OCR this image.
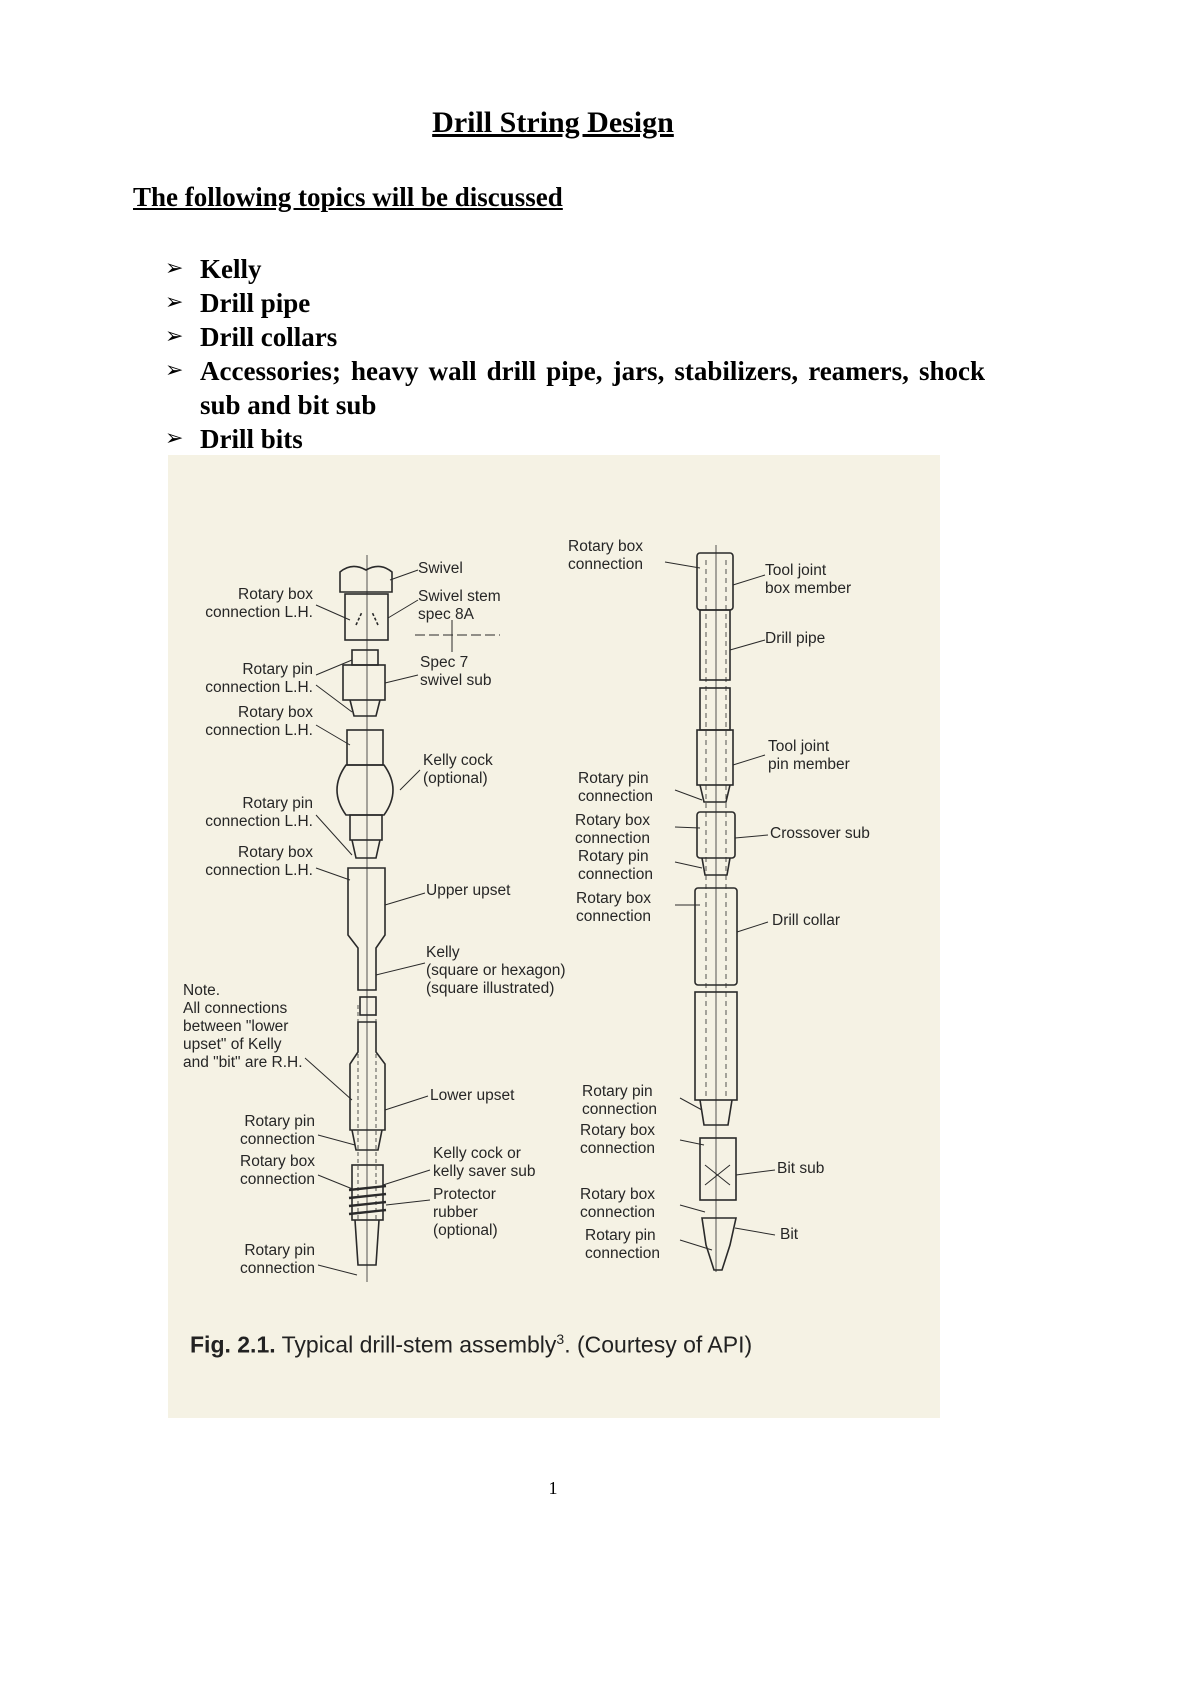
Drill String Design
The following topics will be discussed
➢ Kelly
➢ Drill pipe
➢ Drill collars
➢ Accessories; heavy wall drill pipe, jars, stabilizers, reamers, shock sub and bit sub
➢ Drill bits
Rotary box
connection L.H.
Rotary pin
connection L.H.
Rotary box
connection L.H.
Rotary pin
connection L.H.
Rotary box
connection L.H.
Rotary pin
connection
Rotary box
connection
Rotary pin
connection
Note.
All connections
between "lower
upset" of Kelly
and "bit" are R.H.
Swivel
Swivel stem
spec 8A
Spec 7
swivel sub
Kelly cock
(optional)
Upper upset
Kelly
(square or hexagon)
(square illustrated)
Lower upset
Kelly cock or
kelly saver sub
Protector
rubber
(optional)
Rotary box
connection
Rotary pin
connection
Rotary box
connection
Rotary pin
connection
Rotary box
connection
Rotary pin
connection
Rotary box
connection
Rotary box
connection
Rotary pin
connection
Tool joint
box member
Drill pipe
Tool joint
pin member
Crossover sub
Drill collar
Bit sub
Bit
Fig. 2.1. Typical drill-stem assembly$^3$. (Courtesy of API)
1
